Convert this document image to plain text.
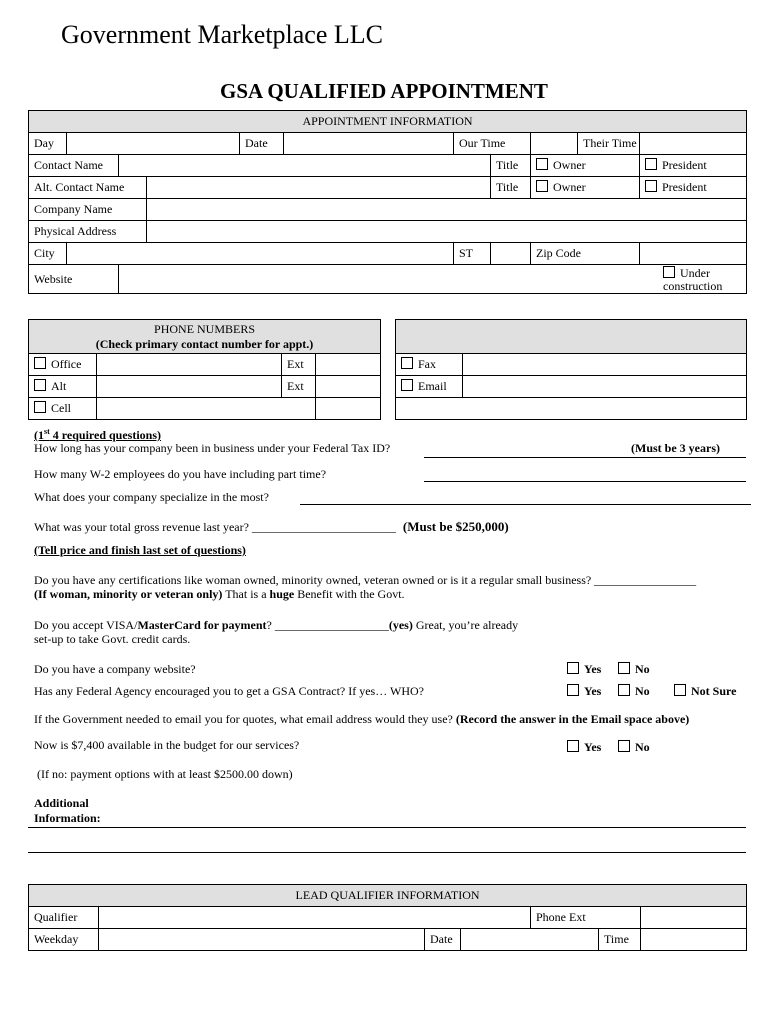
Government Marketplace LLC
GSA QUALIFIED APPOINTMENT
APPOINTMENT INFORMATION										
Day				Date		Our Time			Their Time	
Contact Name							Title	Owner		President
Alt. Contact Name							Title	Owner		President
Company Name										
Physical Address										
City						ST		Zip Code		
Website		Under
construction								
PHONE NUMBERS
(Check primary contact number for appt.)			

Office		Ext	
Alt		Ext	
Cell			

Fax	
Email	

(1st 4 required questions)
How long has your company been in business under your Federal Tax ID?	(Must be 3 years)
How many W-2 employees do you have including part time?
What does your company specialize in the most?
What was your total gross revenue last year? ________________________ (Must be $250,000)
(Tell price and finish last set of questions)
Do you have any certifications like woman owned, minority owned, veteran owned or is it a regular small business? _________________
(If woman, minority or veteran only) That is a huge Benefit with the Govt.
Do you accept VISA/MasterCard for payment? ___________________(yes) Great, you’re already
set-up to take Govt. credit cards.
Do you have a company website?	Yes	No
Has any Federal Agency encouraged you to get a GSA Contract? If yes… WHO?	Yes	No	Not Sure
If the Government needed to email you for quotes, what email address would they use? (Record the answer in the Email space above)
Now is $7,400 available in the budget for our services?	Yes	No
(If no: payment options with at least $2500.00 down)
Additional
Information:
LEAD QUALIFIER INFORMATION						
Qualifier				Phone Ext		
Weekday		Date			Time	
